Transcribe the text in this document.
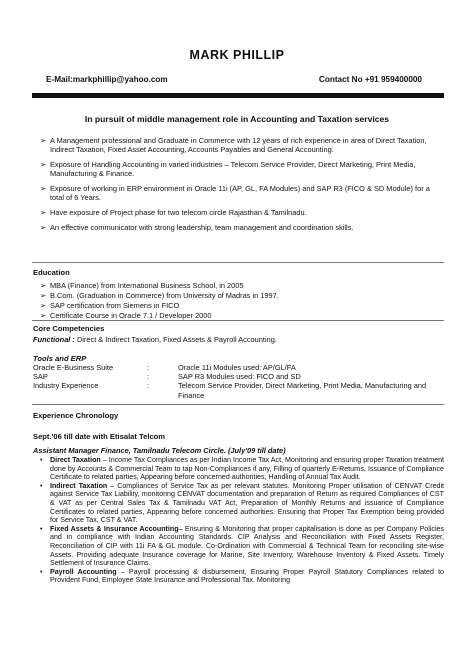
MARK PHILLIP
E-Mail:markphillip@yahoo.com	Contact No +91 959400000
In pursuit of middle management role in Accounting and Taxation services
➢ A Management professional and Graduate in Commerce with 12 years of rich experience in area of Direct Taxation, Indirect Taxation, Fixed Asset Accounting, Accounts Payables and General Accounting.
➢ Exposure of Handling Accounting in varied industries – Telecom Service Provider, Direct Marketing, Print Media, Manufacturing & Finance.
➢ Exposure of working in ERP environment in Oracle 11i (AP, GL, FA Modules) and SAP R3 (FICO & SD Module) for a total of 6 Years.
➢ Have exposure of Project phase for two telecom circle Rajasthan & Tamilnadu.
➢ An effective communicator with strong leadership, team management and coordination skills.
Education
➢ MBA (Finance) from International Business School, in 2005
➢ B.Com. (Graduation in Commerce) from University of Madras in 1997.
➢ SAP certification from Siemens in FICO
➢ Certificate Course in Oracle 7.1 / Developer 2000
Core Competencies
Functional : Direct & Indirect Taxation, Fixed Assets & Payroll Accounting.
Tools and ERP
Oracle E-Business Suite	:	Oracle 11i Modules used: AP/GL/FA
SAP	:	SAP R3 Modules used: FICO and SD
Industry Experience	:	Telecom Service Provider, Direct Marketing, Print Media, Manufacturing and Finance
Experience Chronology
Sept.'06 till date with Etisalat Telcom
Assistant Manager Finance, Tamilnadu Telecom Circle. (July'09 till date)
• Direct Taxation – Income Tax Compliances as per Indian Income Tax Act, Monitoring and ensuring proper Taxation treatment done by Accounts & Commercial Team to tap Non-Compliances if any, Filling of quarterly E-Returns, Issuance of Compliance Certificate to related parties, Appearing before concerned authorities, Handling of Annual Tax Audit.
• Indirect Taxation – Compliances of Service Tax as per relevant statutes. Monitoring Proper utilisation of CENVAT Credit against Service Tax Liability, monitoring CENVAT documentation and preparation of Return as required Compliances of CST & VAT as per Central Sales Tax & Tamilnadu VAT Act, Preparation of Monthly Returns and issuance of Compliance Certificates to related parties, Appearing before concerned authorities. Ensuring that Proper Tax Exemption being provided for Service Tax, CST & VAT.
• Fixed Assets & Insurance Accounting– Ensuring & Monitoring that proper capitalisation is done as per Company Policies and in compliance with Indian Accounting Standards. CIP Analysis and Reconciliation with Fixed Assets Register, Reconciliation of CIP with 11i FA & GL module. Co-Ordination with Commercial & Technical Team for reconciling site-wise Assets. Providing adequate Insurance coverage for Marine, Site Inventory, Warehouse Inventory & Fixed Assets. Timely Settlement of Insurance Claims.
• Payroll Accounting – Payroll processing & disbursement, Ensuring Proper Payroll Statutory Compliances related to Provident Fund, Employee State Insurance and Professional Tax. Monitoring
